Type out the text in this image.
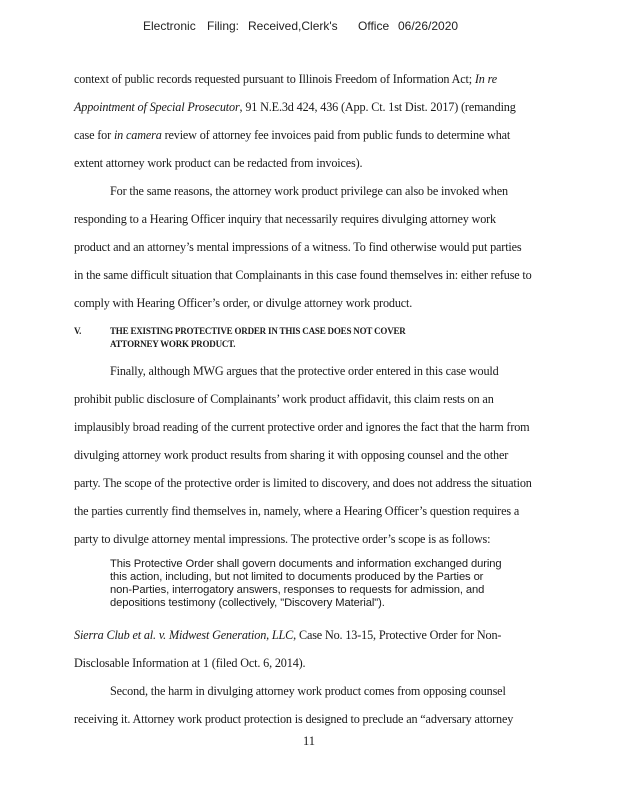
Electronic Filing: Received,Clerk's Office 06/26/2020
context of public records requested pursuant to Illinois Freedom of Information Act; In re
Appointment of Special Prosecutor, 91 N.E.3d 424, 436 (App. Ct. 1st Dist. 2017) (remanding
case for in camera review of attorney fee invoices paid from public funds to determine what
extent attorney work product can be redacted from invoices).
For the same reasons, the attorney work product privilege can also be invoked when
responding to a Hearing Officer inquiry that necessarily requires divulging attorney work
product and an attorney’s mental impressions of a witness. To find otherwise would put parties
in the same difficult situation that Complainants in this case found themselves in: either refuse to
comply with Hearing Officer’s order, or divulge attorney work product.
V.	THE EXISTING PROTECTIVE ORDER IN THIS CASE DOES NOT COVER
ATTORNEY WORK PRODUCT.
Finally, although MWG argues that the protective order entered in this case would
prohibit public disclosure of Complainants’ work product affidavit, this claim rests on an
implausibly broad reading of the current protective order and ignores the fact that the harm from
divulging attorney work product results from sharing it with opposing counsel and the other
party. The scope of the protective order is limited to discovery, and does not address the situation
the parties currently find themselves in, namely, where a Hearing Officer’s question requires a
party to divulge attorney mental impressions. The protective order’s scope is as follows:
This Protective Order shall govern documents and information exchanged during
this action, including, but not limited to documents produced by the Parties or
non-Parties, interrogatory answers, responses to requests for admission, and
depositions testimony (collectively, "Discovery Material").
Sierra Club et al. v. Midwest Generation, LLC, Case No. 13-15, Protective Order for Non-
Disclosable Information at 1 (filed Oct. 6, 2014).
Second, the harm in divulging attorney work product comes from opposing counsel
receiving it. Attorney work product protection is designed to preclude an “adversary attorney
11
